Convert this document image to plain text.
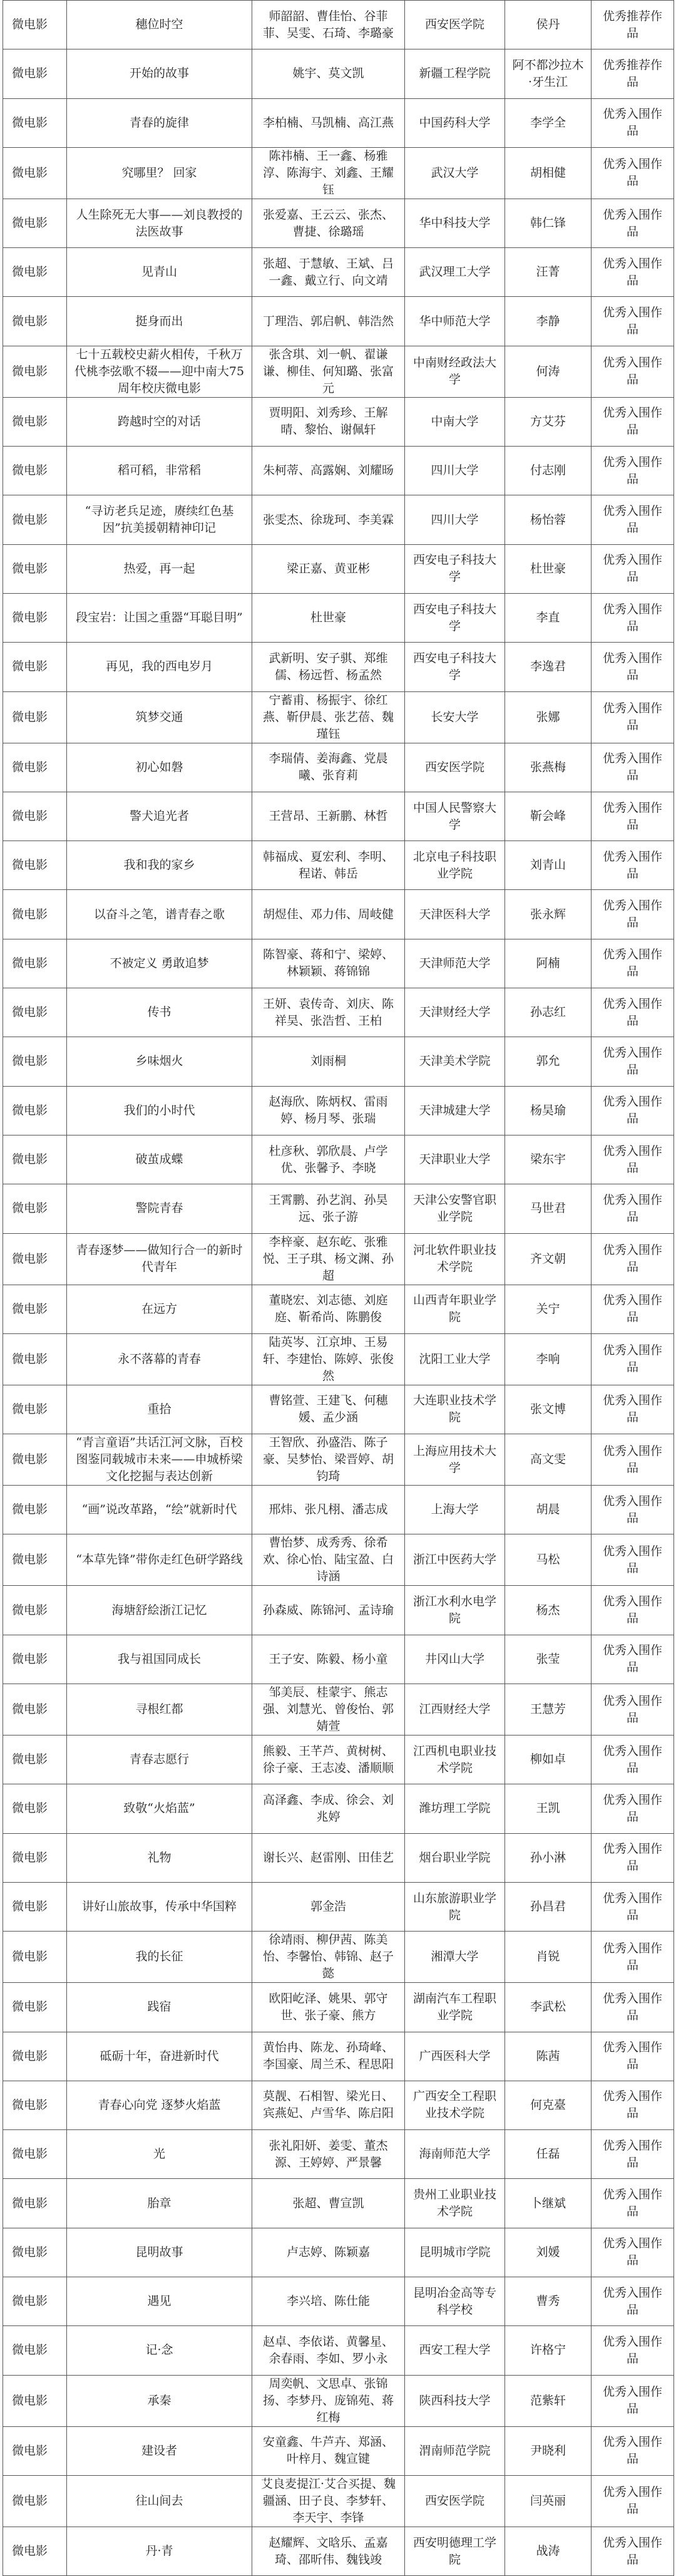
微电影	穗位时空	师韶韶、曹佳怡、谷菲菲、吴雯、石琦、李璐豪	西安医学院	侯丹	优秀推荐作品
微电影	开始的故事	姚宇、莫文凯	新疆工程学院	阿不都沙拉木·牙生江	优秀推荐作品
微电影	青春的旋律	李柏楠、马凯楠、高江燕	中国药科大学	李学全	优秀入围作品
微电影	究哪里？ 回家	陈祎楠、王一鑫、杨雅淳、陈海宇、刘鑫、王耀钰	武汉大学	胡相健	优秀入围作品
微电影	人生除死无大事——刘良教授的法医故事	张爱嘉、王云云、张杰、曹捷、徐璐瑶	华中科技大学	韩仁锋	优秀入围作品
微电影	见青山	张超、于慧敏、王斌、吕一鑫、戴立行、向文靖	武汉理工大学	汪菁	优秀入围作品
微电影	挺身而出	丁理浩、郭启帆、韩浩然	华中师范大学	李静	优秀入围作品
微电影	七十五载校史薪火相传，千秋万代桃李弦歌不辍——迎中南大75周年校庆微电影	张含琪、刘一帆、翟谦谦、柳佳、何知璐、张富元	中南财经政法大学	何涛	优秀入围作品
微电影	跨越时空的对话	贾明阳、刘秀珍、王解晴、黎怡、谢佩轩	中南大学	方艾芬	优秀入围作品
微电影	稻可稻，非常稻	朱柯蒂、高露娴、刘耀旸	四川大学	付志刚	优秀入围作品
微电影	“寻访老兵足迹，赓续红色基因”抗美援朝精神印记	张雯杰、徐珑珂、李美霖	四川大学	杨怡蓉	优秀入围作品
微电影	热爱，再一起	梁正嘉、黄亚彬	西安电子科技大学	杜世豪	优秀入围作品
微电影	段宝岩：让国之重器“耳聪目明”	杜世豪	西安电子科技大学	李直	优秀入围作品
微电影	再见，我的西电岁月	武新明、安子骐、郑维儒、杨远哲、杨孟然	西安电子科技大学	李逸君	优秀入围作品
微电影	筑梦交通	宁蓄甫、杨振宇、徐红燕、靳伊晨、张艺蓓、魏瑾钰	长安大学	张娜	优秀入围作品
微电影	初心如磐	李瑞倩、姜海鑫、党晨曦、张育莉	西安医学院	张燕梅	优秀入围作品
微电影	警犬追光者	王营昂、王新鹏、林哲	中国人民警察大学	靳会峰	优秀入围作品
微电影	我和我的家乡	韩福成、夏宏利、李明、程诺、韩岳	北京电子科技职业学院	刘青山	优秀入围作品
微电影	以奋斗之笔，谱青春之歌	胡煜佳、邓力伟、周岐健	天津医科大学	张永辉	优秀入围作品
微电影	不被定义 勇敢追梦	陈智豪、蒋和宁、梁婷、林颖颖、蒋锦锦	天津师范大学	阿楠	优秀入围作品
微电影	传书	王妍、袁传奇、刘庆、陈祥昊、张浩哲、王柏	天津财经大学	孙志红	优秀入围作品
微电影	乡味烟火	刘雨桐	天津美术学院	郭允	优秀入围作品
微电影	我们的小时代	赵海欣、陈炳权、雷雨婷、杨月琴、张瑞	天津城建大学	杨昊瑜	优秀入围作品
微电影	破茧成蝶	杜彦秋、郭欣晨、卢学优、张馨予、李晓	天津职业大学	梁东宇	优秀入围作品
微电影	警院青春	王霄鹏、孙艺润、孙昊远、张子游	天津公安警官职业学院	马世君	优秀入围作品
微电影	青春逐梦——做知行合一的新时代青年	李梓豪、赵东屹、张雅悦、王子琪、杨文渊、孙超	河北软件职业技术学院	齐文朝	优秀入围作品
微电影	在远方	董晓宏、刘志德、刘庭庭、靳希尚、陈鹏俊	山西青年职业学院	关宁	优秀入围作品
微电影	永不落幕的青春	陆英岑、江京坤、王易轩、李建怡、陈婷、张俊然	沈阳工业大学	李响	优秀入围作品
微电影	重拾	曹铭萱、王建飞、何穗媛、孟少涵	大连职业技术学院	张文博	优秀入围作品
微电影	“青言童语”共话江河文脉，百校图鉴同载城市未来——申城桥梁文化挖掘与表达创新	王智欣、孙盛浩、陈子豪、吴梦怡、梁晋婷、胡钧琦	上海应用技术大学	高文雯	优秀入围作品
微电影	“画”说改革路，“绘”就新时代	邢炜、张凡栩、潘志成	上海大学	胡晨	优秀入围作品
微电影	“本草先锋”带你走红色研学路线	曹怡梦、成秀秀、徐希欢、徐心怡、陆宝盈、白诗涵	浙江中医药大学	马松	优秀入围作品
微电影	海塘舒絵浙江记忆	孙森威、陈锦河、孟诗瑜	浙江水利水电学院	杨杰	优秀入围作品
微电影	我与祖国同成长	王子安、陈毅、杨小童	井冈山大学	张莹	优秀入围作品
微电影	寻根红都	邹美辰、桂蒙宇、熊志强、刘慧光、曾俊怡、郭婧萱	江西财经大学	王慧芳	优秀入围作品
微电影	青春志愿行	熊毅、王芊芦、黄树树、徐子豪、王志凌、潘顺顺	江西机电职业技术学院	柳如卓	优秀入围作品
微电影	致敬“火焰蓝”	高泽鑫、李成、徐会、刘兆婷	潍坊理工学院	王凯	优秀入围作品
微电影	礼物	谢长兴、赵雷刚、田佳艺	烟台职业学院	孙小淋	优秀入围作品
微电影	讲好山旅故事，传承中华国粹	郭金浩	山东旅游职业学院	孙昌君	优秀入围作品
微电影	我的长征	徐靖雨、柳伊茜、陈美怡、李馨怡、韩锦、赵子懿	湘潭大学	肖锐	优秀入围作品
微电影	践宿	欧阳屹泽、姚果、郭守世、张子豪、熊方	湖南汽车工程职业学院	李武松	优秀入围作品
微电影	砥砺十年，奋进新时代	黄怡冉、陈龙、孙琦峰、李国豪、周兰禾、程思阳	广西医科大学	陈茜	优秀入围作品
微电影	青春心向党 逐梦火焰蓝	莫靓、石相智、梁光日、宾燕妃、卢雪华、陈启阳	广西安全工程职业技术学院	何克臺	优秀入围作品
微电影	光	张礼阳妍、姜雯、董杰源、王婷婷、严景馨	海南师范大学	任磊	优秀入围作品
微电影	胎章	张超、曹宣凯	贵州工业职业技术学院	卜继斌	优秀入围作品
微电影	昆明故事	卢志婷、陈颖嘉	昆明城市学院	刘媛	优秀入围作品
微电影	遇见	李兴培、陈仕能	昆明冶金高等专科学校	曹秀	优秀入围作品
微电影	记·念	赵卓、李依诺、黄馨星、余春雨、李如、罗小永	西安工程大学	许格宁	优秀入围作品
微电影	承秦	周奕帆、文思卓、张锦扬、李梦丹、庞锦苑、蒋红梅	陕西科技大学	范紫轩	优秀入围作品
微电影	建设者	安童鑫、牛芦卉、郑涵、叶梓月、魏宣键	渭南师范学院	尹晓利	优秀入围作品
微电影	往山间去	艾良麦提江·艾合买提、魏疆涵、田子良、李梦轩、李天宇、李锋	西安医学院	闫英丽	优秀入围作品
微电影	丹·青	赵耀辉、文晗乐、孟嘉琦、邵昕伟、魏钱竣	西安明德理工学院	战涛	优秀入围作品
